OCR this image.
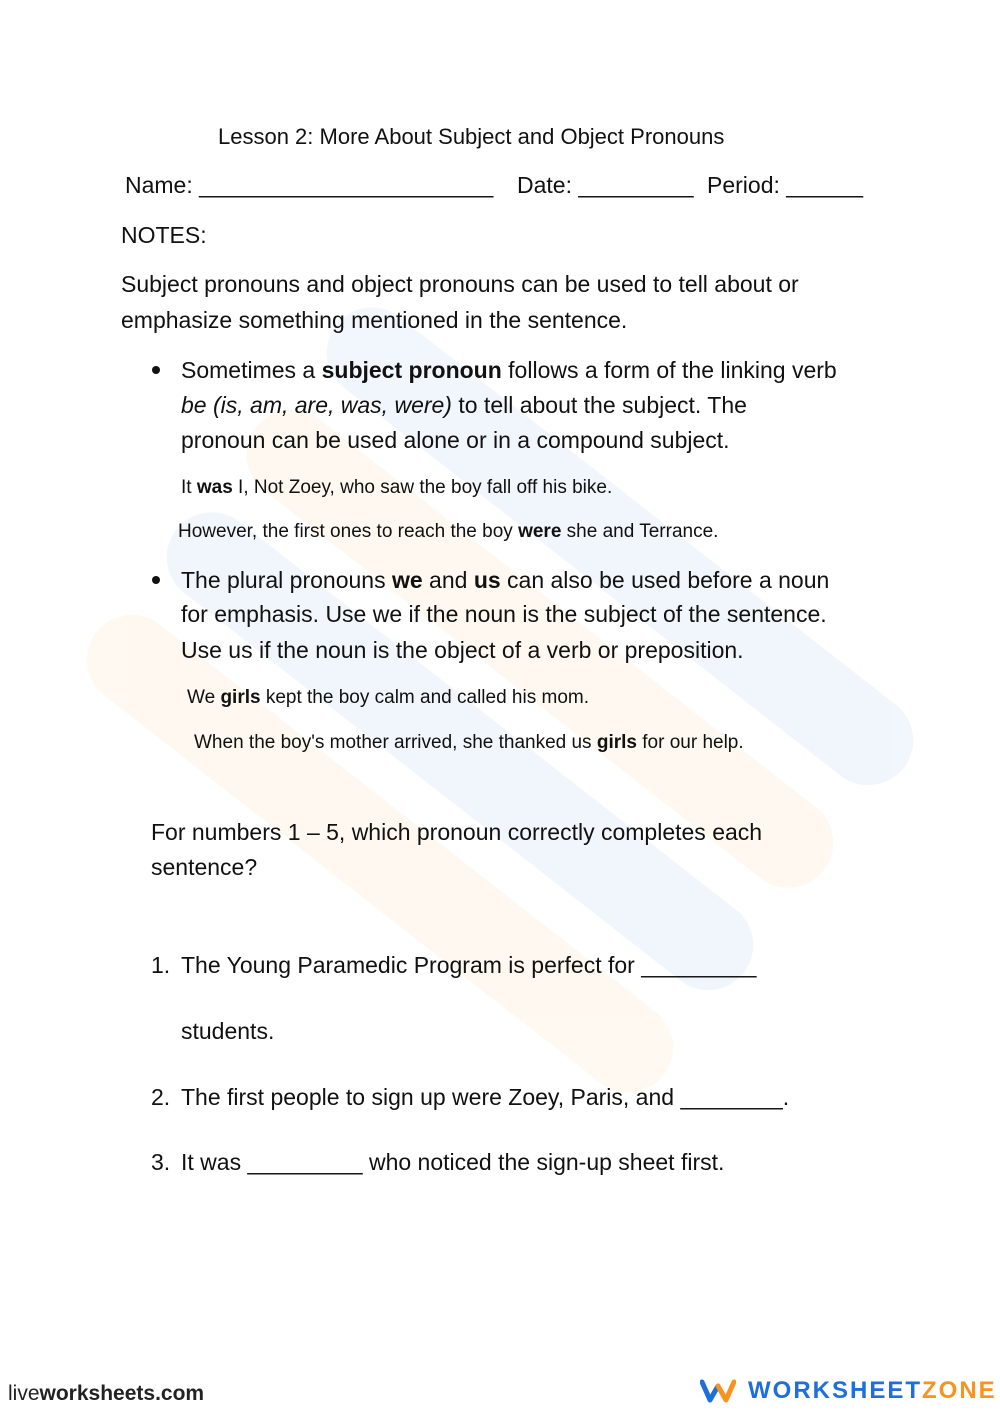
Lesson 2: More About Subject and Object Pronouns
Name: _______________________ Date: _________ Period: ______
NOTES:
Subject pronouns and object pronouns can be used to tell about or
emphasize something mentioned in the sentence.
Sometimes a subject pronoun follows a form of the linking verb
be (is, am, are, was, were) to tell about the subject. The
pronoun can be used alone or in a compound subject.
It was I, Not Zoey, who saw the boy fall off his bike.
However, the first ones to reach the boy were she and Terrance.
The plural pronouns we and us can also be used before a noun
for emphasis. Use we if the noun is the subject of the sentence.
Use us if the noun is the object of a verb or preposition.
We girls kept the boy calm and called his mom.
When the boy's mother arrived, she thanked us girls for our help.
For numbers 1 – 5, which pronoun correctly completes each
sentence?
1. The Young Paramedic Program is perfect for _________
students.
2. The first people to sign up were Zoey, Paris, and ________.
3. It was _________ who noticed the sign-up sheet first.
liveworksheets.com	WORKSHEETZONE
